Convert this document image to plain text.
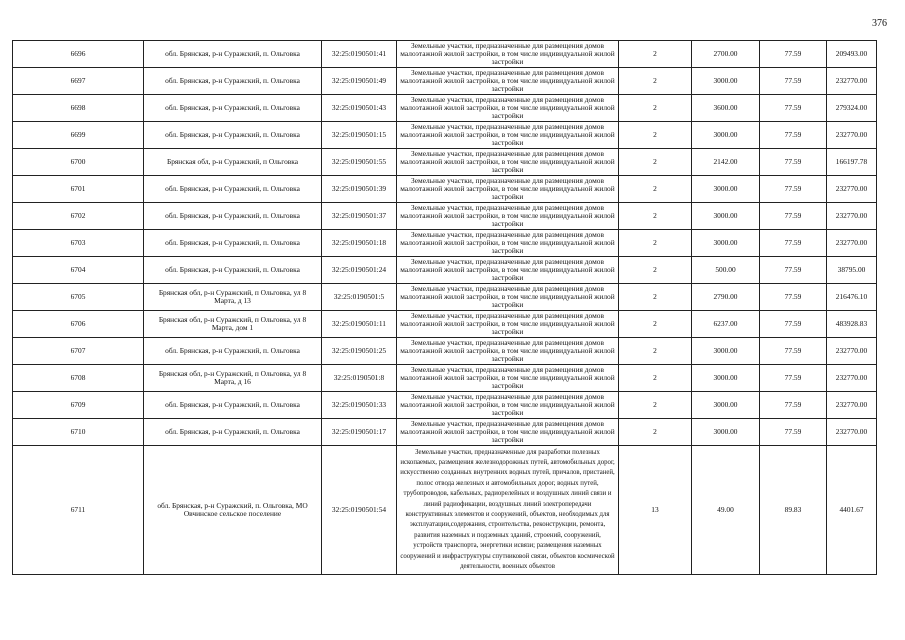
376
6696	обл. Брянская, р-н Суражский, п. Ольговка	32:25:0190501:41	Земельные участки, предназначенные для размещения домов малоэтажной жилой застройки, в том числе индивидуальной жилой застройки	2	2700.00	77.59	209493.00
6697	обл. Брянская, р-н Суражский, п. Ольговка	32:25:0190501:49	Земельные участки, предназначенные для размещения домов малоэтажной жилой застройки, в том числе индивидуальной жилой застройки	2	3000.00	77.59	232770.00
6698	обл. Брянская, р-н Суражский, п. Ольговка	32:25:0190501:43	Земельные участки, предназначенные для размещения домов малоэтажной жилой застройки, в том числе индивидуальной жилой застройки	2	3600.00	77.59	279324.00
6699	обл. Брянская, р-н Суражский, п. Ольговка	32:25:0190501:15	Земельные участки, предназначенные для размещения домов малоэтажной жилой застройки, в том числе индивидуальной жилой застройки	2	3000.00	77.59	232770.00
6700	Брянская обл, р-н Суражский, п Ольговка	32:25:0190501:55	Земельные участки, предназначенные для размещения домов малоэтажной жилой застройки, в том числе индивидуальной жилой застройки	2	2142.00	77.59	166197.78
6701	обл. Брянская, р-н Суражский, п. Ольговка	32:25:0190501:39	Земельные участки, предназначенные для размещения домов малоэтажной жилой застройки, в том числе индивидуальной жилой застройки	2	3000.00	77.59	232770.00
6702	обл. Брянская, р-н Суражский, п. Ольговка	32:25:0190501:37	Земельные участки, предназначенные для размещения домов малоэтажной жилой застройки, в том числе индивидуальной жилой застройки	2	3000.00	77.59	232770.00
6703	обл. Брянская, р-н Суражский, п. Ольговка	32:25:0190501:18	Земельные участки, предназначенные для размещения домов малоэтажной жилой застройки, в том числе индивидуальной жилой застройки	2	3000.00	77.59	232770.00
6704	обл. Брянская, р-н Суражский, п. Ольговка	32:25:0190501:24	Земельные участки, предназначенные для размещения домов малоэтажной жилой застройки, в том числе индивидуальной жилой застройки	2	500.00	77.59	38795.00
6705	Брянская обл, р-н Суражский, п Ольговка, ул 8 Марта, д 13	32:25:0190501:5	Земельные участки, предназначенные для размещения домов малоэтажной жилой застройки, в том числе индивидуальной жилой застройки	2	2790.00	77.59	216476.10
6706	Брянская обл, р-н Суражский, п Ольговка, ул 8 Марта, дом 1	32:25:0190501:11	Земельные участки, предназначенные для размещения домов малоэтажной жилой застройки, в том числе индивидуальной жилой застройки	2	6237.00	77.59	483928.83
6707	обл. Брянская, р-н Суражский, п. Ольговка	32:25:0190501:25	Земельные участки, предназначенные для размещения домов малоэтажной жилой застройки, в том числе индивидуальной жилой застройки	2	3000.00	77.59	232770.00
6708	Брянская обл, р-н Суражский, п Ольговка, ул 8 Марта, д 16	32:25:0190501:8	Земельные участки, предназначенные для размещения домов малоэтажной жилой застройки, в том числе индивидуальной жилой застройки	2	3000.00	77.59	232770.00
6709	обл. Брянская, р-н Суражский, п. Ольговка	32:25:0190501:33	Земельные участки, предназначенные для размещения домов малоэтажной жилой застройки, в том числе индивидуальной жилой застройки	2	3000.00	77.59	232770.00
6710	обл. Брянская, р-н Суражский, п. Ольговка	32:25:0190501:17	Земельные участки, предназначенные для размещения домов малоэтажной жилой застройки, в том числе индивидуальной жилой застройки	2	3000.00	77.59	232770.00
6711	обл. Брянская, р-н Суражский, п. Ольговка, МО Овчинское сельское поселение	32:25:0190501:54	Земельные участки, предназначенные для разработки полезных ископаемых, размещения железнодорожных путей, автомобильных дорог, искусственно созданных внутренних водных путей, причалов, пристаней, полос отвода железных и автомобильных дорог, водных путей, трубопроводов, кабельных, радиорелейных и воздушных линий связи и линий радиофикации, воздушных линий электропередачи конструктивных элементов и сооружений, объектов, необходимых для эксплуатации,содержания, строительства, реконструкции, ремонта, развития наземных и подземных зданий, строений, сооружений, устройств транспорта, энергетики исвязи; размещения наземных сооружений и инфраструктуры спутниковой связи, объектов космической деятельности, военных объектов	13	49.00	89.83	4401.67
